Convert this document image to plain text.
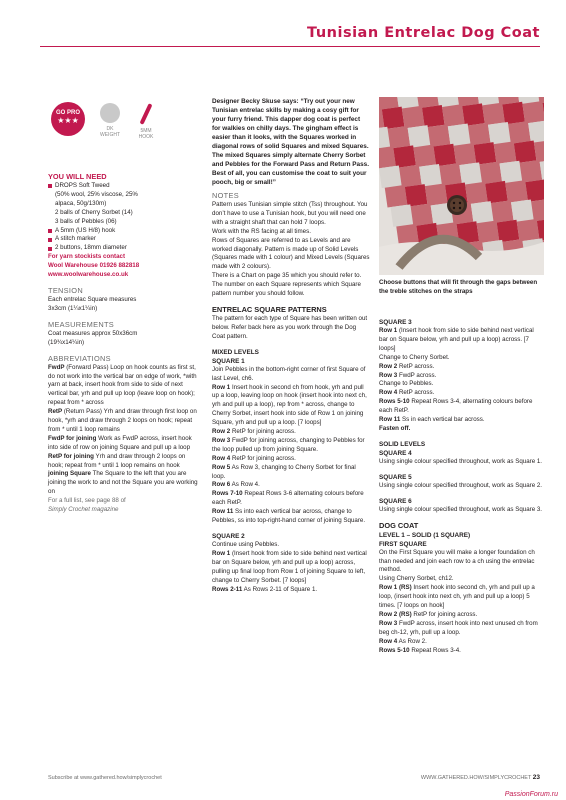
Tunisian Entrelac Dog Coat
GO PRO
★★★
DK
WEIGHT
5MM
HOOK
YOU WILL NEED
DROPS Soft Tweed
(50% wool, 25% viscose, 25%
alpaca, 50g/130m)
2 balls of Cherry Sorbet (14)
3 balls of Pebbles (06)
A 5mm (US H/8) hook
A stitch marker
2 buttons, 18mm diameter
For yarn stockists contact
Wool Warehouse 01926 882818
www.woolwarehouse.co.uk
TENSION
Each entrelac Square measures
3x3cm (1¼x1¼in)
MEASUREMENTS
Coat measures approx 50x36cm
(19¾x14¼in)
ABBREVIATIONS
FwdP (Forward Pass) Loop on hook counts as first st, do not work into the vertical bar on edge of work, *with yarn at back, insert hook from side to side of next vertical bar, yrh and pull up loop (leave loop on hook); repeat from * across
RetP (Return Pass) Yrh and draw through first loop on hook, *yrh and draw through 2 loops on hook; repeat from * until 1 loop remains
FwdP for joining Work as FwdP across, insert hook into side of row on joining Square and pull up a loop
RetP for joining Yrh and draw through 2 loops on hook; repeat from * until 1 loop remains on hook
joining Square The Square to the left that you are joining the work to and not the Square you are working on
For a full list, see page 88 of
Simply Crochet magazine
Designer Becky Skuse says: “Try out your new Tunisian entrelac skills by making a cosy gift for your furry friend. This dapper dog coat is perfect for walkies on chilly days. The gingham effect is easier than it looks, with the Squares worked in diagonal rows of solid Squares and mixed Squares. The mixed Squares simply alternate Cherry Sorbet and Pebbles for the Forward Pass and Return Pass. Best of all, you can customise the coat to suit your pooch, big or small!”
NOTES
Pattern uses Tunisian simple stitch (Tss) throughout. You don’t have to use a Tunisian hook, but you will need one with a straight shaft that can hold 7 loops.
Work with the RS facing at all times.
Rows of Squares are referred to as Levels and are worked diagonally. Pattern is made up of Solid Levels (Squares made with 1 colour) and Mixed Levels (Squares made with 2 colours).
There is a Chart on page 35 which you should refer to. The number on each Square represents which Square pattern number you should follow.
ENTRELAC SQUARE PATTERNS
The pattern for each type of Square has been written out below. Refer back here as you work through the Dog Coat pattern.
MIXED LEVELS
SQUARE 1
Join Pebbles in the bottom-right corner of first Square of last Level, ch6.
Row 1 Insert hook in second ch from hook, yrh and pull up a loop, leaving loop on hook (insert hook into next ch, yrh and pull up a loop), rep from * across, change to Cherry Sorbet, insert hook into side of Row 1 on joining Square, yrh and pull up a loop. [7 loops]
Row 2 RetP for joining across.
Row 3 FwdP for joining across, changing to Pebbles for the loop pulled up from joining Square.
Row 4 RetP for joining across.
Row 5 As Row 3, changing to Cherry Sorbet for final loop.
Row 6 As Row 4.
Rows 7-10 Repeat Rows 3-6 alternating colours before each RetP.
Row 11 Ss into each vertical bar across, change to Pebbles, ss into top-right-hand corner of joining Square.
SQUARE 2
Continue using Pebbles.
Row 1 (Insert hook from side to side behind next vertical bar on Square below, yrh and pull up a loop) across, pulling up final loop from Row 1 of joining Square to left, change to Cherry Sorbet. [7 loops]
Rows 2-11 As Rows 2-11 of Square 1.
Choose buttons that will fit through the gaps between the treble stitches on the straps
SQUARE 3
Row 1 (Insert hook from side to side behind next vertical bar on Square below, yrh and pull up a loop) across. [7 loops]
Change to Cherry Sorbet.
Row 2 RetP across.
Row 3 FwdP across.
Change to Pebbles.
Row 4 RetP across.
Rows 5-10 Repeat Rows 3-4, alternating colours before each RetP.
Row 11 Ss in each vertical bar across.
Fasten off.
SOLID LEVELS
SQUARE 4
Using single colour specified throughout, work as Square 1.
SQUARE 5
Using single colour specified throughout, work as Square 2.
SQUARE 6
Using single colour specified throughout, work as Square 3.
DOG COAT
LEVEL 1 – SOLID (1 SQUARE)
FIRST SQUARE
On the First Square you will make a longer foundation ch than needed and join each row to a ch using the entrelac method.
Using Cherry Sorbet, ch12.
Row 1 (RS) Insert hook into second ch, yrh and pull up a loop, (insert hook into next ch, yrh and pull up a loop) 5 times. [7 loops on hook]
Row 2 (RS) RetP for joining across.
Row 3 FwdP across, insert hook into next unused ch from beg ch-12, yrh, pull up a loop.
Row 4 As Row 2.
Rows 5-10 Repeat Rows 3-4.
Subscribe at www.gathered.how/simplycrochet	WWW.GATHERED.HOW/SIMPLYCROCHET 23
PassionForum.ru
